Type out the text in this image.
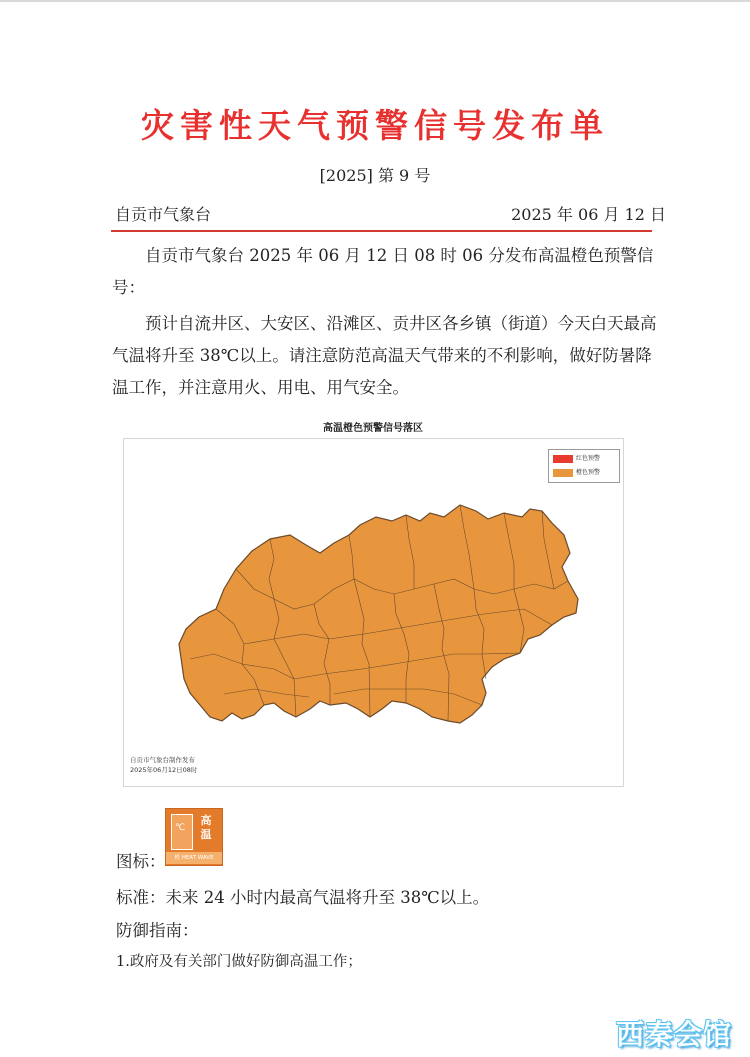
灾害性天气预警信号发布单
[2025] 第 9 号
自贡市气象台	2025 年 06 月 12 日

自贡市气象台 2025 年 06 月 12 日 08 时 06 分发布高温橙色预警信号：

预计自流井区、大安区、沿滩区、贡井区各乡镇（街道）今天白天最高气温将升至 38℃以上。请注意防范高温天气带来的不利影响，做好防暑降温工作，并注意用火、用电、用气安全。

高温橙色预警信号落区
红色预警
橙色预警
自贡市气象台制作发布
2025年06月12日08时
图标：
℃
高温
橙 HEAT WAVE
标准：未来 24 小时内最高气温将升至 38℃以上。
防御指南：
1.政府及有关部门做好防御高温工作；
西秦会馆
